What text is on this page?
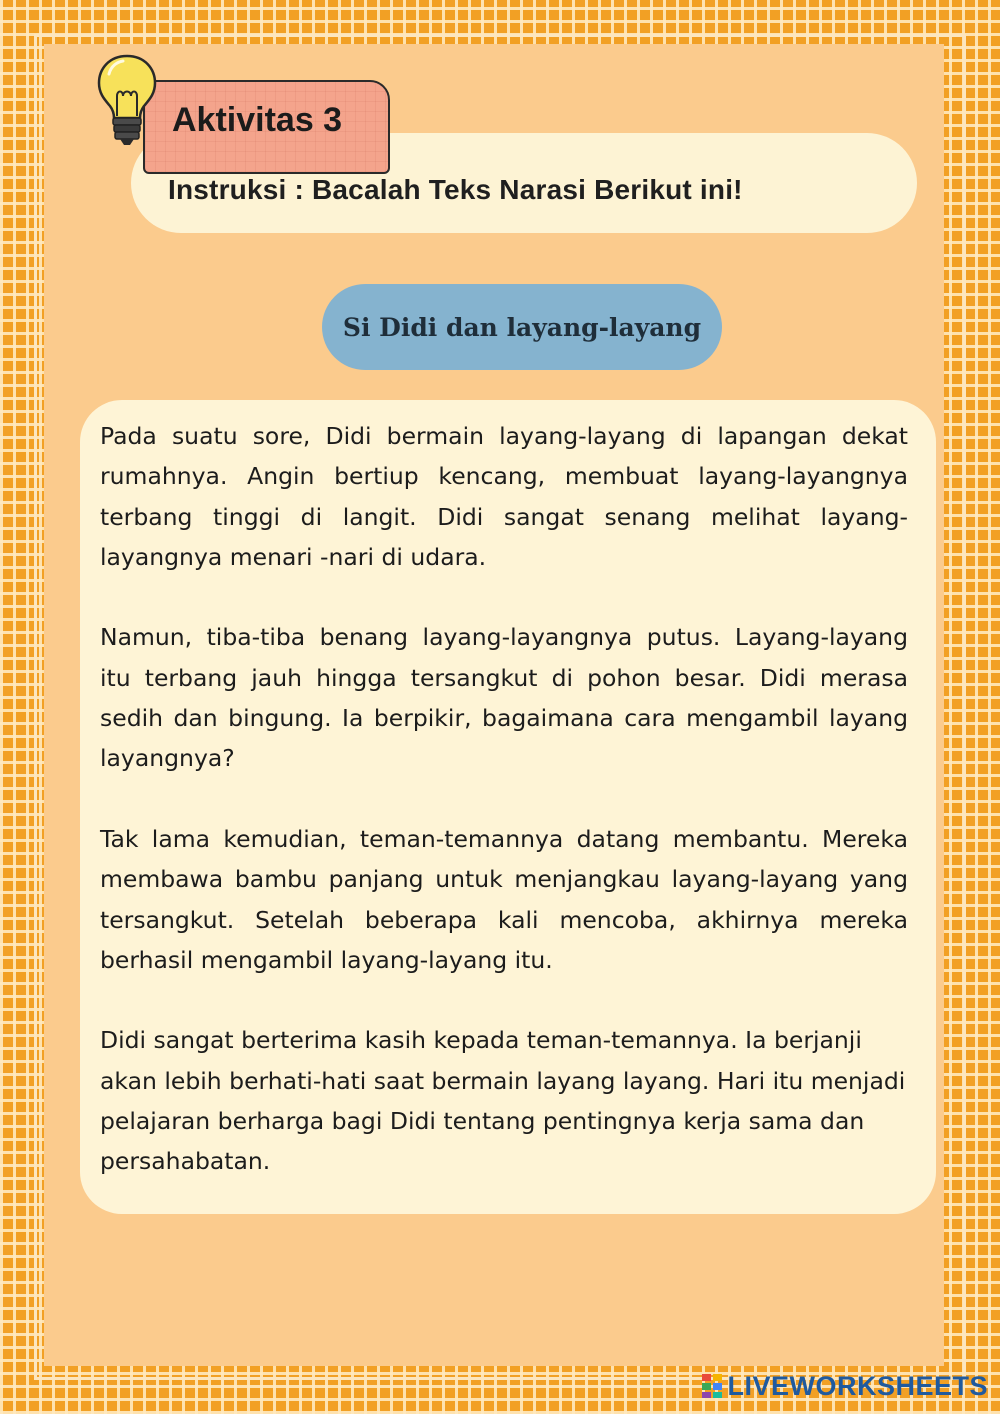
Instruksi : Bacalah Teks Narasi Berikut ini!
Aktivitas 3
Si Didi dan layang-layang

Pada suatu sore, Didi bermain layang-layang di lapangan dekat rumahnya. Angin bertiup kencang, membuat layang-layangnya terbang tinggi di langit. Didi sangat senang melihat layang-layangnya menari -nari di udara.

Namun, tiba-tiba benang layang-layangnya putus. Layang-layang itu terbang jauh hingga tersangkut di pohon besar. Didi merasa sedih dan bingung. Ia berpikir, bagaimana cara mengambil layang layangnya?

Tak lama kemudian, teman-temannya datang membantu. Mereka membawa bambu panjang untuk menjangkau layang-layang yang tersangkut. Setelah beberapa kali mencoba, akhirnya mereka berhasil mengambil layang-layang itu.

Didi sangat berterima kasih kepada teman-temannya. Ia berjanji akan lebih berhati-hati saat bermain layang layang. Hari itu menjadi pelajaran berharga bagi Didi tentang pentingnya kerja sama dan persahabatan.

LIVEWORKSHEETS
